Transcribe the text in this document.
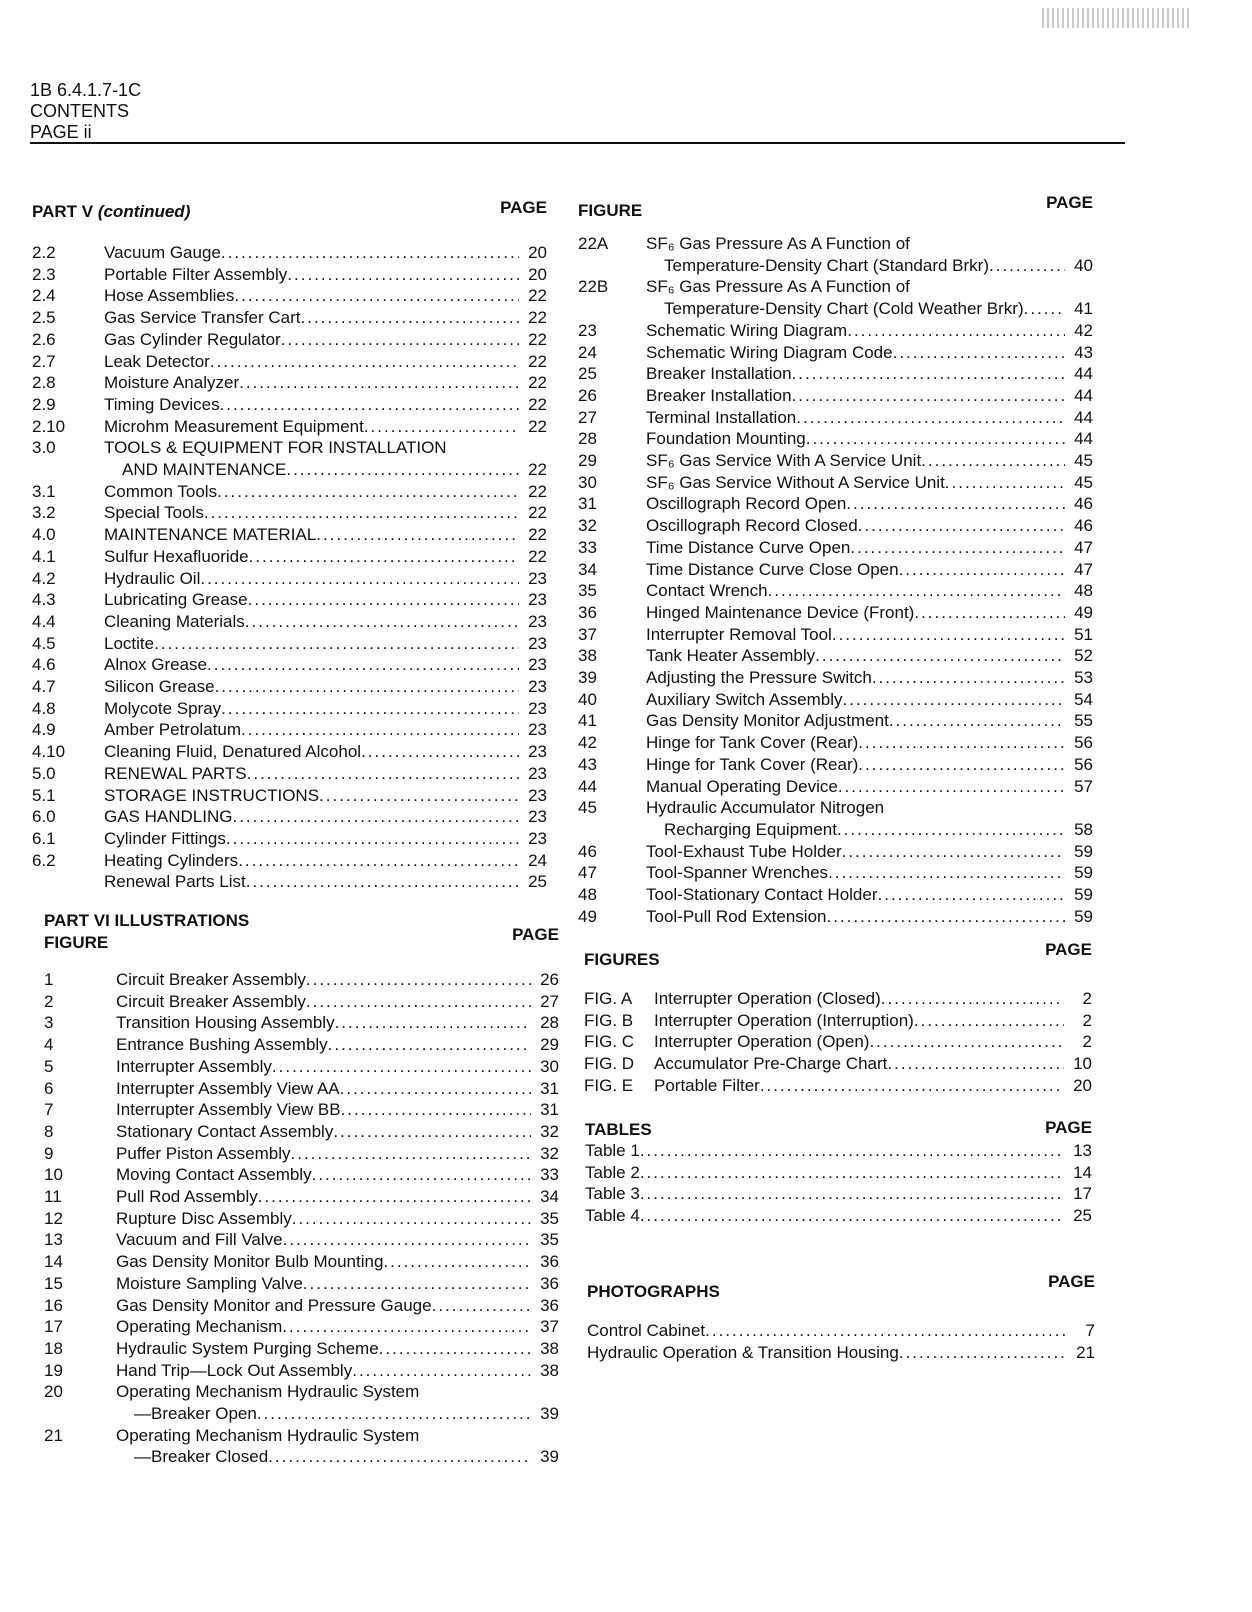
1B 6.4.1.7-1C
CONTENTS
PAGE ii
PART V (continued)	PAGE
2.2	Vacuum Gauge .....	20
2.3	Portable Filter Assembly .....	20
2.4	Hose Assemblies .....	22
2.5	Gas Service Transfer Cart .....	22
2.6	Gas Cylinder Regulator .....	22
2.7	Leak Detector .....	22
2.8	Moisture Analyzer .....	22
2.9	Timing Devices .....	22
2.10	Microhm Measurement Equipment .....	22
3.0	TOOLS & EQUIPMENT FOR INSTALLATION
AND MAINTENANCE .....	22
3.1	Common Tools .....	22
3.2	Special Tools .....	22
4.0	MAINTENANCE MATERIAL .....	22
4.1	Sulfur Hexafluoride .....	22
4.2	Hydraulic Oil .....	23
4.3	Lubricating Grease .....	23
4.4	Cleaning Materials .....	23
4.5	Loctite .....	23
4.6	Alnox Grease .....	23
4.7	Silicon Grease .....	23
4.8	Molycote Spray .....	23
4.9	Amber Petrolatum .....	23
4.10	Cleaning Fluid, Denatured Alcohol .....	23
5.0	RENEWAL PARTS .....	23
5.1	STORAGE INSTRUCTIONS .....	23
6.0	GAS HANDLING .....	23
6.1	Cylinder Fittings .....	23
6.2	Heating Cylinders .....	24
Renewal Parts List .....	25
PART VI ILLUSTRATIONS
FIGURE	PAGE
1	Circuit Breaker Assembly .....	26
2	Circuit Breaker Assembly .....	27
3	Transition Housing Assembly .....	28
4	Entrance Bushing Assembly .....	29
5	Interrupter Assembly .....	30
6	Interrupter Assembly View AA .....	31
7	Interrupter Assembly View BB .....	31
8	Stationary Contact Assembly .....	32
9	Puffer Piston Assembly .....	32
10	Moving Contact Assembly .....	33
11	Pull Rod Assembly .....	34
12	Rupture Disc Assembly .....	35
13	Vacuum and Fill Valve .....	35
14	Gas Density Monitor Bulb Mounting .....	36
15	Moisture Sampling Valve .....	36
16	Gas Density Monitor and Pressure Gauge .....	36
17	Operating Mechanism .....	37
18	Hydraulic System Purging Scheme .....	38
19	Hand Trip—Lock Out Assembly .....	38
20	Operating Mechanism Hydraulic System
—Breaker Open .....	39
21	Operating Mechanism Hydraulic System
—Breaker Closed .....	39
FIGURE	PAGE
22A	SF₆ Gas Pressure As A Function of
Temperature-Density Chart (Standard Brkr) .....	40
22B	SF₆ Gas Pressure As A Function of
Temperature-Density Chart (Cold Weather Brkr) .....	41
23	Schematic Wiring Diagram .....	42
24	Schematic Wiring Diagram Code .....	43
25	Breaker Installation .....	44
26	Breaker Installation .....	44
27	Terminal Installation .....	44
28	Foundation Mounting .....	44
29	SF₆ Gas Service With A Service Unit .....	45
30	SF₆ Gas Service Without A Service Unit .....	45
31	Oscillograph Record Open .....	46
32	Oscillograph Record Closed .....	46
33	Time Distance Curve Open .....	47
34	Time Distance Curve Close Open .....	47
35	Contact Wrench .....	48
36	Hinged Maintenance Device (Front) .....	49
37	Interrupter Removal Tool .....	51
38	Tank Heater Assembly .....	52
39	Adjusting the Pressure Switch .....	53
40	Auxiliary Switch Assembly .....	54
41	Gas Density Monitor Adjustment .....	55
42	Hinge for Tank Cover (Rear) .....	56
43	Hinge for Tank Cover (Rear) .....	56
44	Manual Operating Device .....	57
45	Hydraulic Accumulator Nitrogen
Recharging Equipment .....	58
46	Tool-Exhaust Tube Holder .....	59
47	Tool-Spanner Wrenches .....	59
48	Tool-Stationary Contact Holder .....	59
49	Tool-Pull Rod Extension .....	59
FIGURES
PAGE
FIG. A	Interrupter Operation (Closed) .....	2
FIG. B	Interrupter Operation (Interruption) .....	2
FIG. C	Interrupter Operation (Open) .....	2
FIG. D	Accumulator Pre-Charge Chart .....	10
FIG. E	Portable Filter .....	20
TABLES	PAGE
Table 1 .....	13
Table 2 .....	14
Table 3 .....	17
Table 4 .....	25
PHOTOGRAPHS
PAGE
Control Cabinet .....	7
Hydraulic Operation & Transition Housing .....	21
